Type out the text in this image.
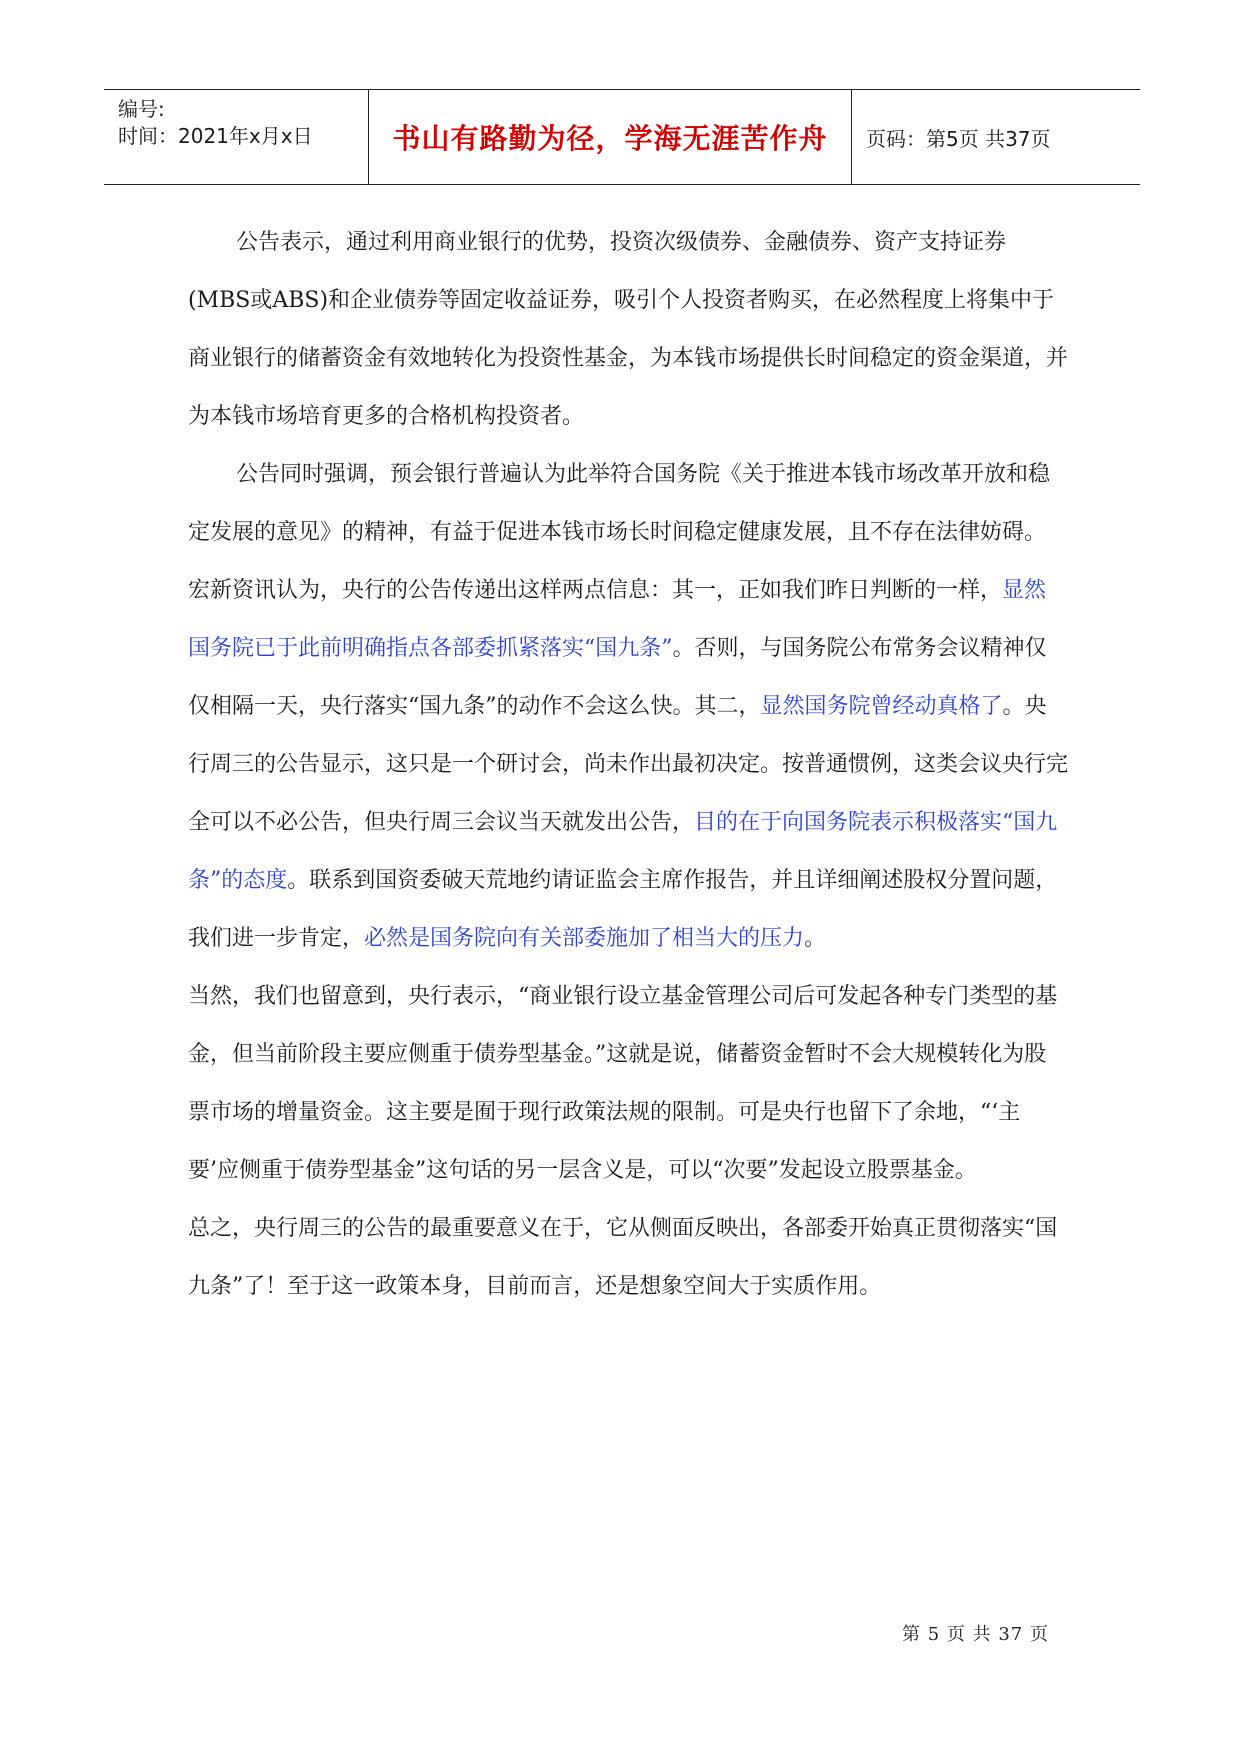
编号:
时间：2021年x月x日	书山有路勤为径，学海无涯苦作舟 页码：第5页 共37页

公告表示，通过利用商业银行的优势，投资次级债券、金融债券、资产支持证券(MBS或ABS)和企业债券等固定收益证券，吸引个人投资者购买，在必然程度上将集中于商业银行的储蓄资金有效地转化为投资性基金，为本钱市场提供长时间稳定的资金渠道，并为本钱市场培育更多的合格机构投资者。

公告同时强调，预会银行普遍认为此举符合国务院《关于推进本钱市场改革开放和稳定发展的意见》的精神，有益于促进本钱市场长时间稳定健康发展，且不存在法律妨碍。

宏新资讯认为，央行的公告传递出这样两点信息：其一，正如我们昨日判断的一样，显然国务院已于此前明确指点各部委抓紧落实“国九条”。否则，与国务院公布常务会议精神仅仅相隔一天，央行落实“国九条”的动作不会这么快。其二，显然国务院曾经动真格了。央行周三的公告显示，这只是一个研讨会，尚未作出最初决定。按普通惯例，这类会议央行完全可以不必公告，但央行周三会议当天就发出公告，目的在于向国务院表示积极落实“国九条”的态度。联系到国资委破天荒地约请证监会主席作报告，并且详细阐述股权分置问题，我们进一步肯定，必然是国务院向有关部委施加了相当大的压力。

当然，我们也留意到，央行表示，“商业银行设立基金管理公司后可发起各种专门类型的基金，但当前阶段主要应侧重于债券型基金。”这就是说，储蓄资金暂时不会大规模转化为股票市场的增量资金。这主要是囿于现行政策法规的限制。可是央行也留下了余地，“‘主要’应侧重于债券型基金”这句话的另一层含义是，可以“次要”发起设立股票基金。

总之，央行周三的公告的最重要意义在于，它从侧面反映出，各部委开始真正贯彻落实“国九条”了！至于这一政策本身，目前而言，还是想象空间大于实质作用。

第 5 页 共 37 页
